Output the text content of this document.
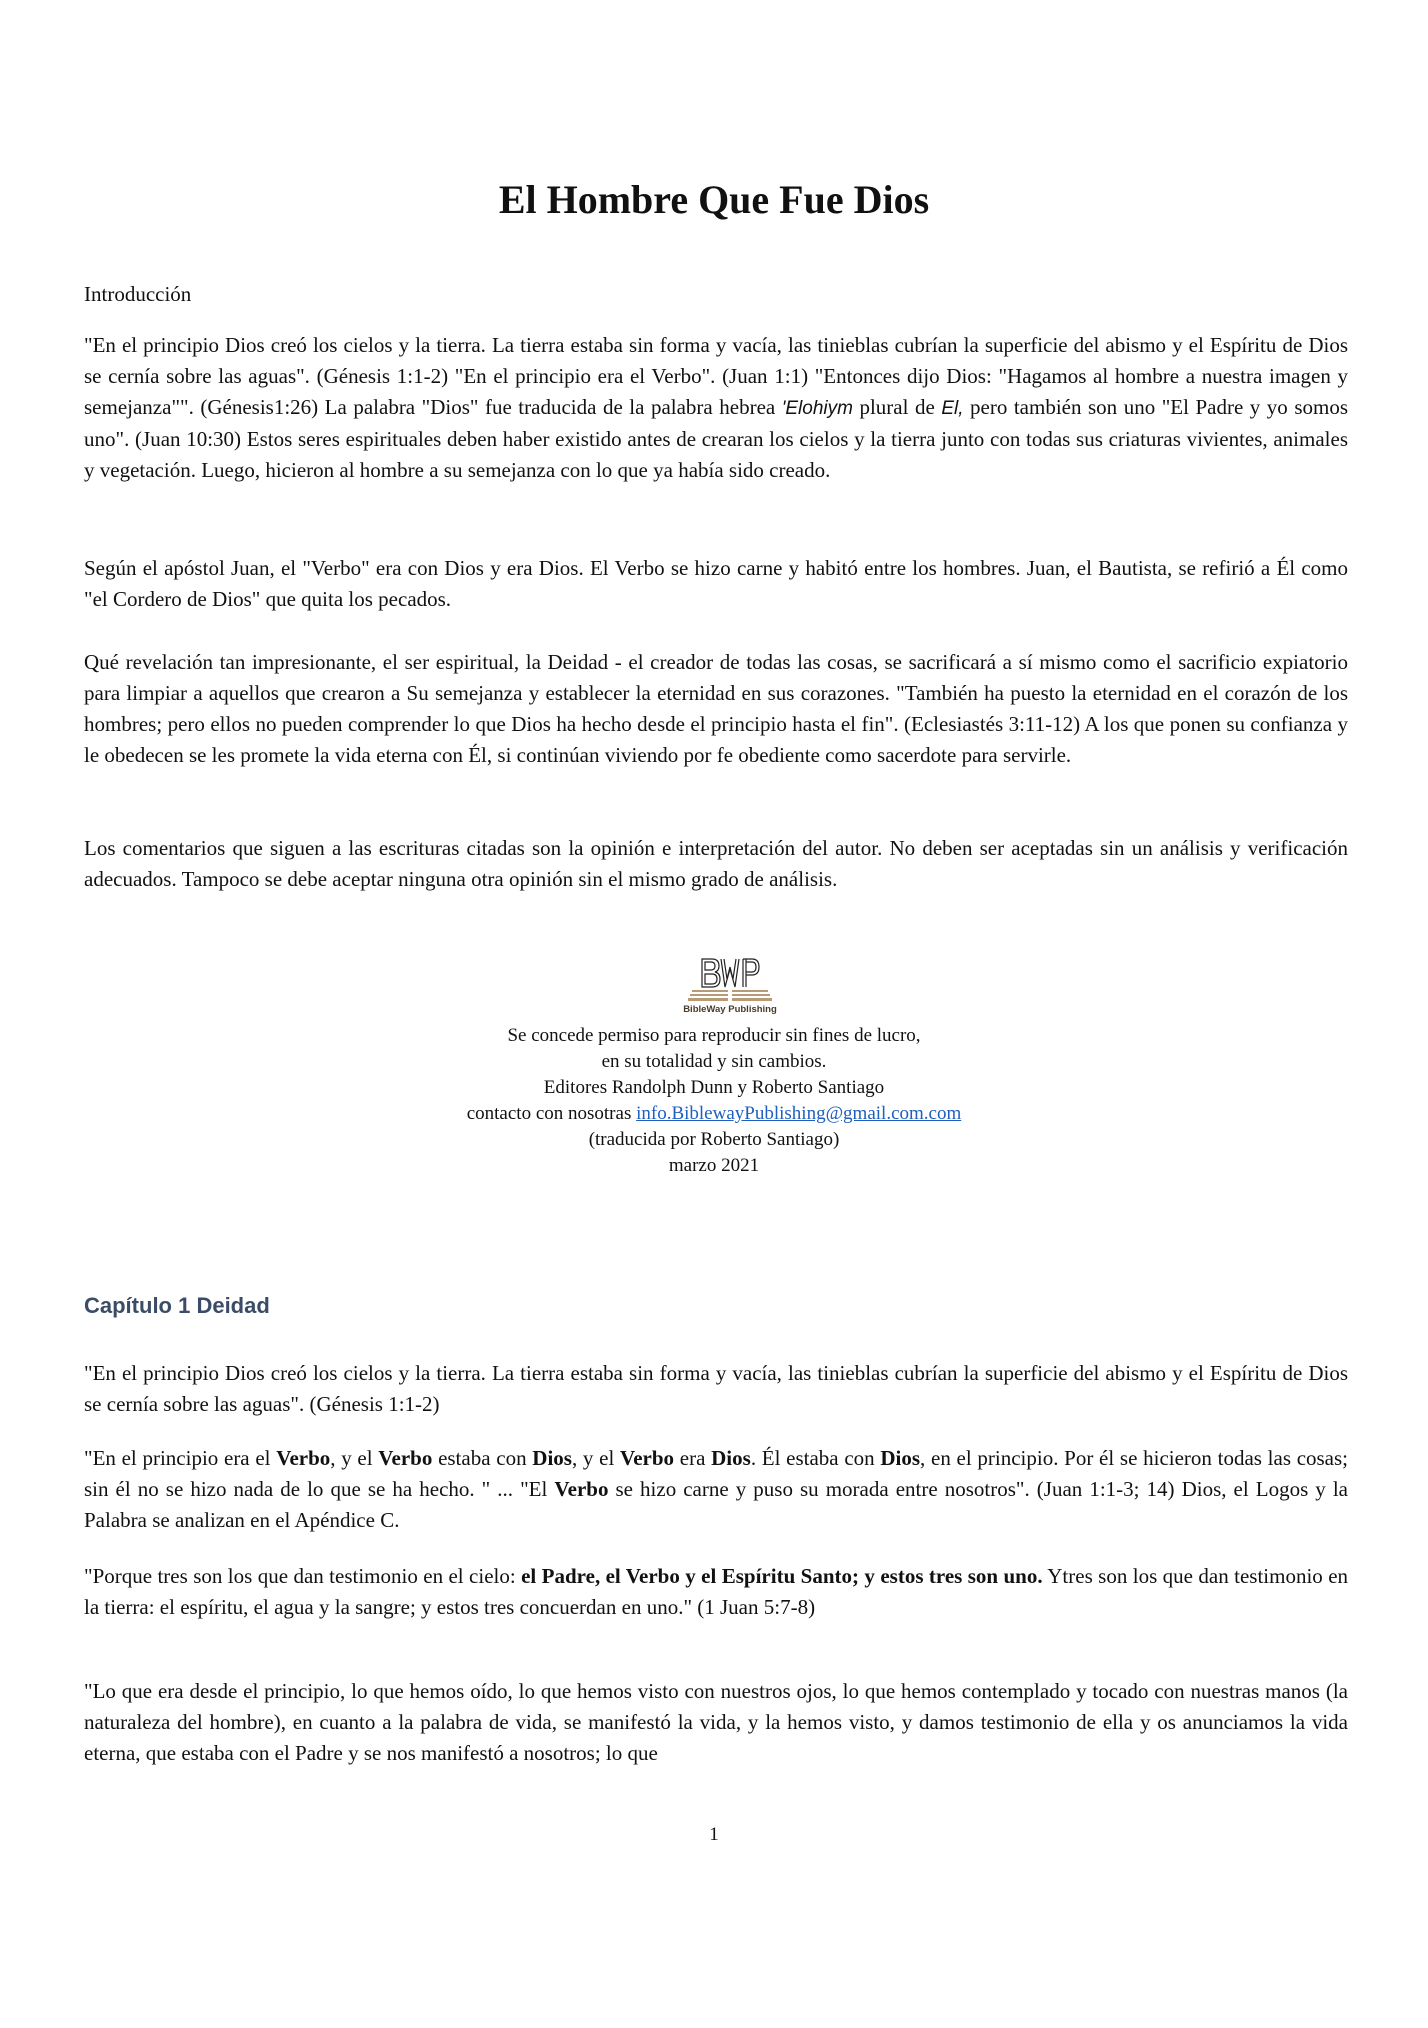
El Hombre Que Fue Dios
Introducción

"En el principio Dios creó los cielos y la tierra. La tierra estaba sin forma y vacía, las tinieblas cubrían la superficie del abismo y el Espíritu de Dios se cernía sobre las aguas". (Génesis 1:1-2) "En el principio era el Verbo". (Juan 1:1) "Entonces dijo Dios: "Hagamos al hombre a nuestra imagen y semejanza"". (Génesis1:26) La palabra "Dios" fue traducida de la palabra hebrea 'Elohiym plural de El, pero también son uno "El Padre y yo somos uno". (Juan 10:30) Estos seres espirituales deben haber existido antes de crearan los cielos y la tierra junto con todas sus criaturas vivientes, animales y vegetación. Luego, hicieron al hombre a su semejanza con lo que ya había sido creado.

Según el apóstol Juan, el "Verbo" era con Dios y era Dios. El Verbo se hizo carne y habitó entre los hombres. Juan, el Bautista, se refirió a Él como "el Cordero de Dios" que quita los pecados.

Qué revelación tan impresionante, el ser espiritual, la Deidad - el creador de todas las cosas, se sacrificará a sí mismo como el sacrificio expiatorio para limpiar a aquellos que crearon a Su semejanza y establecer la eternidad en sus corazones. "También ha puesto la eternidad en el corazón de los hombres; pero ellos no pueden comprender lo que Dios ha hecho desde el principio hasta el fin". (Eclesiastés 3:11-12) A los que ponen su confianza y le obedecen se les promete la vida eterna con Él, si continúan viviendo por fe obediente como sacerdote para servirle.

Los comentarios que siguen a las escrituras citadas son la opinión e interpretación del autor. No deben ser aceptadas sin un análisis y verificación adecuados. Tampoco se debe aceptar ninguna otra opinión sin el mismo grado de análisis.

BibleWay Publishing
Se concede permiso para reproducir sin fines de lucro,
en su totalidad y sin cambios.
Editores Randolph Dunn y Roberto Santiago
contacto con nosotras info.BiblewayPublishing@gmail.com.com
(traducida por Roberto Santiago)
marzo 2021
Capítulo 1 Deidad

"En el principio Dios creó los cielos y la tierra. La tierra estaba sin forma y vacía, las tinieblas cubrían la superficie del abismo y el Espíritu de Dios se cernía sobre las aguas". (Génesis 1:1-2)

"En el principio era el Verbo, y el Verbo estaba con Dios, y el Verbo era Dios. Él estaba con Dios, en el principio. Por él se hicieron todas las cosas; sin él no se hizo nada de lo que se ha hecho. " ... "El Verbo se hizo carne y puso su morada entre nosotros". (Juan 1:1-3; 14) Dios, el Logos y la Palabra se analizan en el Apéndice C.

"Porque tres son los que dan testimonio en el cielo: el Padre, el Verbo y el Espíritu Santo; y estos tres son uno. Ytres son los que dan testimonio en la tierra: el espíritu, el agua y la sangre; y estos tres concuerdan en uno." (1 Juan 5:7-8)

"Lo que era desde el principio, lo que hemos oído, lo que hemos visto con nuestros ojos, lo que hemos contemplado y tocado con nuestras manos (la naturaleza del hombre), en cuanto a la palabra de vida, se manifestó la vida, y la hemos visto, y damos testimonio de ella y os anunciamos la vida eterna, que estaba con el Padre y se nos manifestó a nosotros; lo que

1
